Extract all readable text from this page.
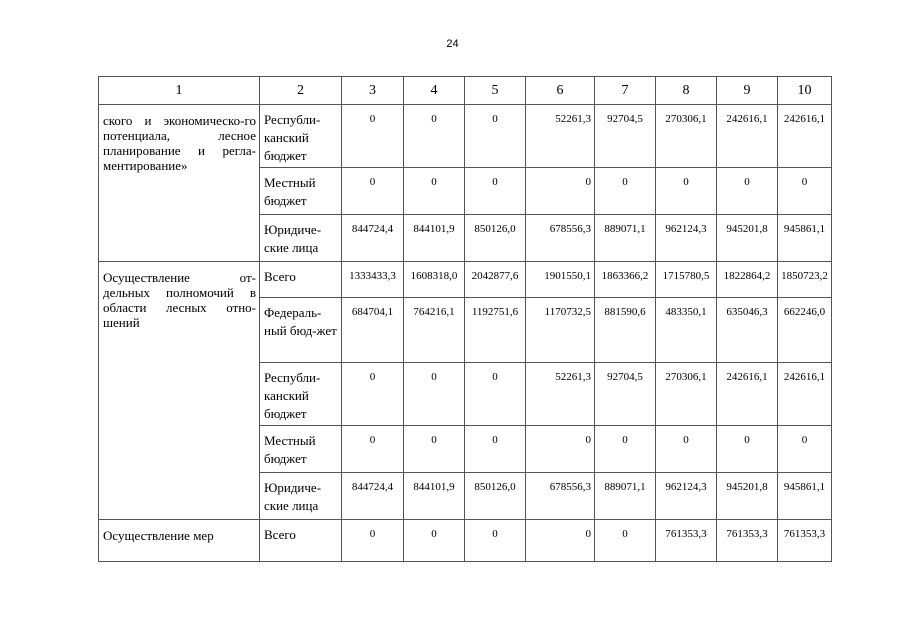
24
1	2	3	4	5	6	7	8	9	10
ского и экономическо-го потенциала, лесное планирование и регла-ментирование»	Республи-канский бюджет	0	0	0	52261,3	92704,5	270306,1	242616,1	242616,1
	Местный бюджет	0	0	0	0	0	0	0	0
	Юридиче-ские лица	844724,4	844101,9	850126,0	678556,3	889071,1	962124,3	945201,8	945861,1
Осуществление от-дельных полномочий в области лесных отно-шений	Всего	1333433,3	1608318,0	2042877,6	1901550,1	1863366,2	1715780,5	1822864,2	1850723,2
	Федераль-ный бюд-жет	684704,1	764216,1	1192751,6	1170732,5	881590,6	483350,1	635046,3	662246,0
	Республи-канский бюджет	0	0	0	52261,3	92704,5	270306,1	242616,1	242616,1
	Местный бюджет	0	0	0	0	0	0	0	0
	Юридиче-ские лица	844724,4	844101,9	850126,0	678556,3	889071,1	962124,3	945201,8	945861,1
Осуществление мер	Всего	0	0	0	0	0	761353,3	761353,3	761353,3
